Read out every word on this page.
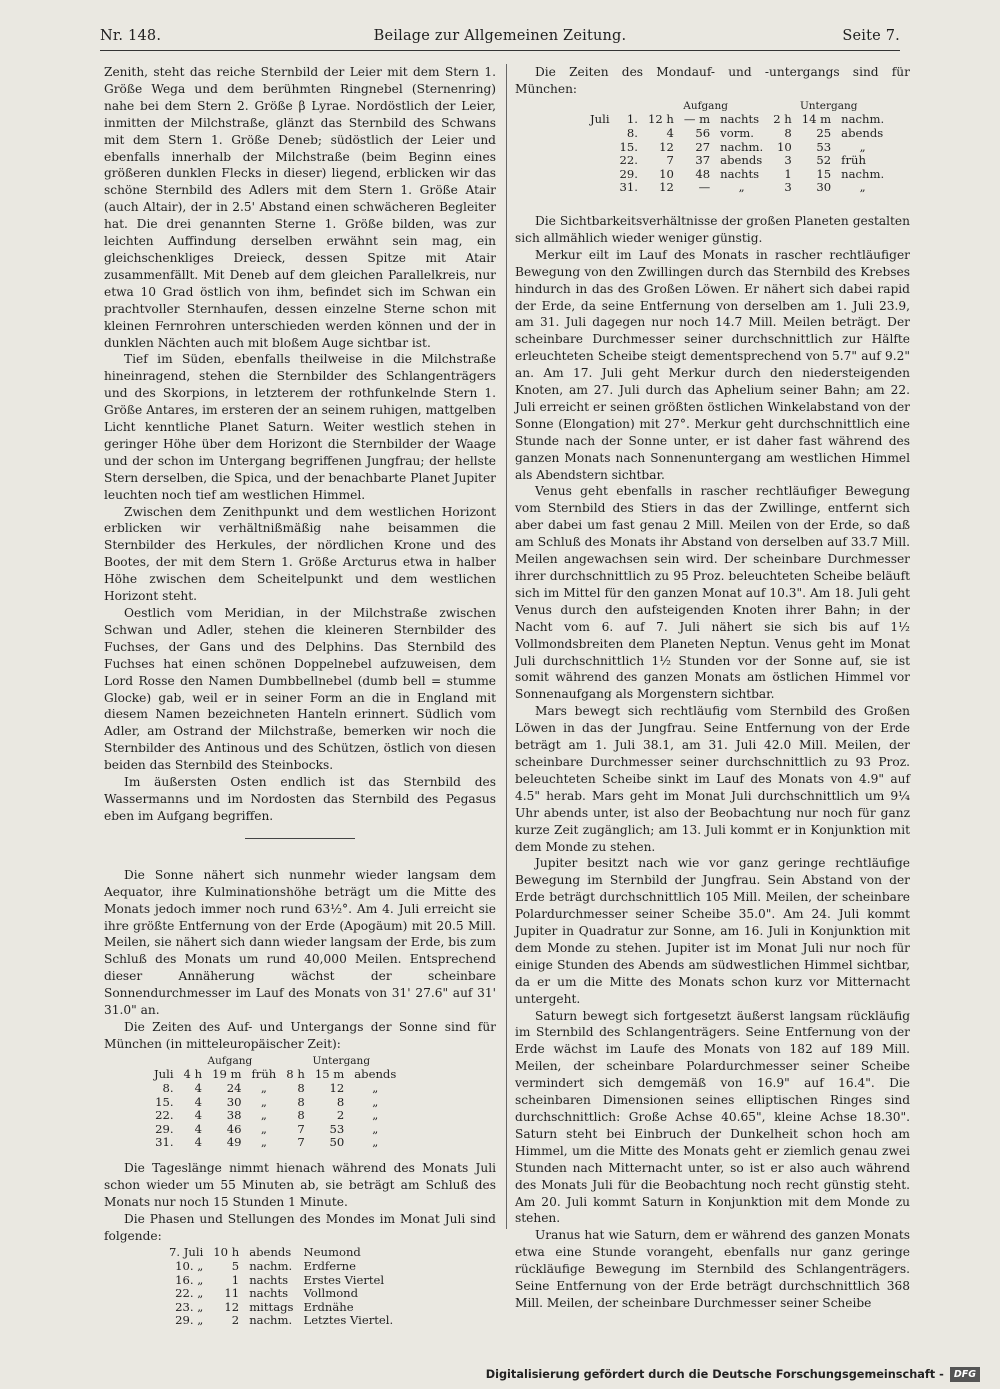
Nr. 148.	Beilage zur Allgemeinen Zeitung.	Seite 7.

Zenith, steht das reiche Sternbild der Leier mit dem Stern 1. Größe Wega und dem berühmten Ringnebel (Sternenring) nahe bei dem Stern 2. Größe β Lyrae. Nordöstlich der Leier, inmitten der Milchstraße, glänzt das Sternbild des Schwans mit dem Stern 1. Größe Deneb; südöstlich der Leier und ebenfalls innerhalb der Milchstraße (beim Beginn eines größeren dunklen Flecks in dieser) liegend, erblicken wir das schöne Sternbild des Adlers mit dem Stern 1. Größe Atair (auch Altair), der in 2.5' Abstand einen schwächeren Begleiter hat. Die drei genannten Sterne 1. Größe bilden, was zur leichten Auffindung derselben erwähnt sein mag, ein gleichschenkliges Dreieck, dessen Spitze mit Atair zusammenfällt. Mit Deneb auf dem gleichen Parallelkreis, nur etwa 10 Grad östlich von ihm, befindet sich im Schwan ein prachtvoller Sternhaufen, dessen einzelne Sterne schon mit kleinen Fernrohren unterschieden werden können und der in dunklen Nächten auch mit bloßem Auge sichtbar ist.

Tief im Süden, ebenfalls theilweise in die Milchstraße hineinragend, stehen die Sternbilder des Schlangenträgers und des Skorpions, in letzterem der rothfunkelnde Stern 1. Größe Antares, im ersteren der an seinem ruhigen, mattgelben Licht kenntliche Planet Saturn. Weiter westlich stehen in geringer Höhe über dem Horizont die Sternbilder der Waage und der schon im Untergang begriffenen Jungfrau; der hellste Stern derselben, die Spica, und der benachbarte Planet Jupiter leuchten noch tief am westlichen Himmel.

Zwischen dem Zenithpunkt und dem westlichen Horizont erblicken wir verhältnißmäßig nahe beisammen die Sternbilder des Herkules, der nördlichen Krone und des Bootes, der mit dem Stern 1. Größe Arcturus etwa in halber Höhe zwischen dem Scheitelpunkt und dem westlichen Horizont steht.

Oestlich vom Meridian, in der Milchstraße zwischen Schwan und Adler, stehen die kleineren Sternbilder des Fuchses, der Gans und des Delphins. Das Sternbild des Fuchses hat einen schönen Doppelnebel aufzuweisen, dem Lord Rosse den Namen Dumbbellnebel (dumb bell = stumme Glocke) gab, weil er in seiner Form an die in England mit diesem Namen bezeichneten Hanteln erinnert. Südlich vom Adler, am Ostrand der Milchstraße, bemerken wir noch die Sternbilder des Antinous und des Schützen, östlich von diesen beiden das Sternbild des Steinbocks.

Im äußersten Osten endlich ist das Sternbild des Wassermanns und im Nordosten das Sternbild des Pegasus eben im Aufgang begriffen.

Die Sonne nähert sich nunmehr wieder langsam dem Aequator, ihre Kulminationshöhe beträgt um die Mitte des Monats jedoch immer noch rund 63½°. Am 4. Juli erreicht sie ihre größte Entfernung von der Erde (Apogäum) mit 20.5 Mill. Meilen, sie nähert sich dann wieder langsam der Erde, bis zum Schluß des Monats um rund 40,000 Meilen. Entsprechend dieser Annäherung wächst der scheinbare Sonnendurchmesser im Lauf des Monats von 31' 27.6" auf 31' 31.0" an.

Die Zeiten des Auf- und Untergangs der Sonne sind für München (in mitteleuropäischer Zeit):

	Aufgang			Untergang		
Juli	4 h	19 m	früh	8 h	15 m	abends
8.	4	24	„	8	12	„
15.	4	30	„	8	8	„
22.	4	38	„	8	2	„
29.	4	46	„	7	53	„
31.	4	49	„	7	50	„

Die Tageslänge nimmt hienach während des Monats Juli schon wieder um 55 Minuten ab, sie beträgt am Schluß des Monats nur noch 15 Stunden 1 Minute.

Die Phasen und Stellungen des Mondes im Monat Juli sind folgende:

7. Juli	10 h	abends	Neumond
10. „	5	nachm.	Erdferne
16. „	1	nachts	Erstes Viertel
22. „	11	nachts	Vollmond
23. „	12	mittags	Erdnähe
29. „	2	nachm.	Letztes Viertel.

Die Zeiten des Mondauf- und -untergangs sind für München:

		Aufgang			Untergang		
Juli	1.	12 h	— m	nachts	2 h	14 m	nachm.
	8.	4	56	vorm.	8	25	abends
	15.	12	27	nachm.	10	53	„
	22.	7	37	abends	3	52	früh
	29.	10	48	nachts	1	15	nachm.
	31.	12	—	„	3	30	„

Die Sichtbarkeitsverhältnisse der großen Planeten gestalten sich allmählich wieder weniger günstig.

Merkur eilt im Lauf des Monats in rascher rechtläufiger Bewegung von den Zwillingen durch das Sternbild des Krebses hindurch in das des Großen Löwen. Er nähert sich dabei rapid der Erde, da seine Entfernung von derselben am 1. Juli 23.9, am 31. Juli dagegen nur noch 14.7 Mill. Meilen beträgt. Der scheinbare Durchmesser seiner durchschnittlich zur Hälfte erleuchteten Scheibe steigt dementsprechend von 5.7" auf 9.2" an. Am 17. Juli geht Merkur durch den niedersteigenden Knoten, am 27. Juli durch das Aphelium seiner Bahn; am 22. Juli erreicht er seinen größten östlichen Winkelabstand von der Sonne (Elongation) mit 27°. Merkur geht durchschnittlich eine Stunde nach der Sonne unter, er ist daher fast während des ganzen Monats nach Sonnenuntergang am westlichen Himmel als Abendstern sichtbar.

Venus geht ebenfalls in rascher rechtläufiger Bewegung vom Sternbild des Stiers in das der Zwillinge, entfernt sich aber dabei um fast genau 2 Mill. Meilen von der Erde, so daß am Schluß des Monats ihr Abstand von derselben auf 33.7 Mill. Meilen angewachsen sein wird. Der scheinbare Durchmesser ihrer durchschnittlich zu 95 Proz. beleuchteten Scheibe beläuft sich im Mittel für den ganzen Monat auf 10.3". Am 18. Juli geht Venus durch den aufsteigenden Knoten ihrer Bahn; in der Nacht vom 6. auf 7. Juli nähert sie sich bis auf 1½ Vollmondsbreiten dem Planeten Neptun. Venus geht im Monat Juli durchschnittlich 1½ Stunden vor der Sonne auf, sie ist somit während des ganzen Monats am östlichen Himmel vor Sonnenaufgang als Morgenstern sichtbar.

Mars bewegt sich rechtläufig vom Sternbild des Großen Löwen in das der Jungfrau. Seine Entfernung von der Erde beträgt am 1. Juli 38.1, am 31. Juli 42.0 Mill. Meilen, der scheinbare Durchmesser seiner durchschnittlich zu 93 Proz. beleuchteten Scheibe sinkt im Lauf des Monats von 4.9" auf 4.5" herab. Mars geht im Monat Juli durchschnittlich um 9¼ Uhr abends unter, ist also der Beobachtung nur noch für ganz kurze Zeit zugänglich; am 13. Juli kommt er in Konjunktion mit dem Monde zu stehen.

Jupiter besitzt nach wie vor ganz geringe rechtläufige Bewegung im Sternbild der Jungfrau. Sein Abstand von der Erde beträgt durchschnittlich 105 Mill. Meilen, der scheinbare Polardurchmesser seiner Scheibe 35.0". Am 24. Juli kommt Jupiter in Quadratur zur Sonne, am 16. Juli in Konjunktion mit dem Monde zu stehen. Jupiter ist im Monat Juli nur noch für einige Stunden des Abends am südwestlichen Himmel sichtbar, da er um die Mitte des Monats schon kurz vor Mitternacht untergeht.

Saturn bewegt sich fortgesetzt äußerst langsam rückläufig im Sternbild des Schlangenträgers. Seine Entfernung von der Erde wächst im Laufe des Monats von 182 auf 189 Mill. Meilen, der scheinbare Polardurchmesser seiner Scheibe vermindert sich demgemäß von 16.9" auf 16.4". Die scheinbaren Dimensionen seines elliptischen Ringes sind durchschnittlich: Große Achse 40.65", kleine Achse 18.30". Saturn steht bei Einbruch der Dunkelheit schon hoch am Himmel, um die Mitte des Monats geht er ziemlich genau zwei Stunden nach Mitternacht unter, so ist er also auch während des Monats Juli für die Beobachtung noch recht günstig steht. Am 20. Juli kommt Saturn in Konjunktion mit dem Monde zu stehen.

Uranus hat wie Saturn, dem er während des ganzen Monats etwa eine Stunde vorangeht, ebenfalls nur ganz geringe rückläufige Bewegung im Sternbild des Schlangenträgers. Seine Entfernung von der Erde beträgt durchschnittlich 368 Mill. Meilen, der scheinbare Durchmesser seiner Scheibe

Digitalisierung gefördert durch die Deutsche Forschungsgemeinschaft -	DFG
